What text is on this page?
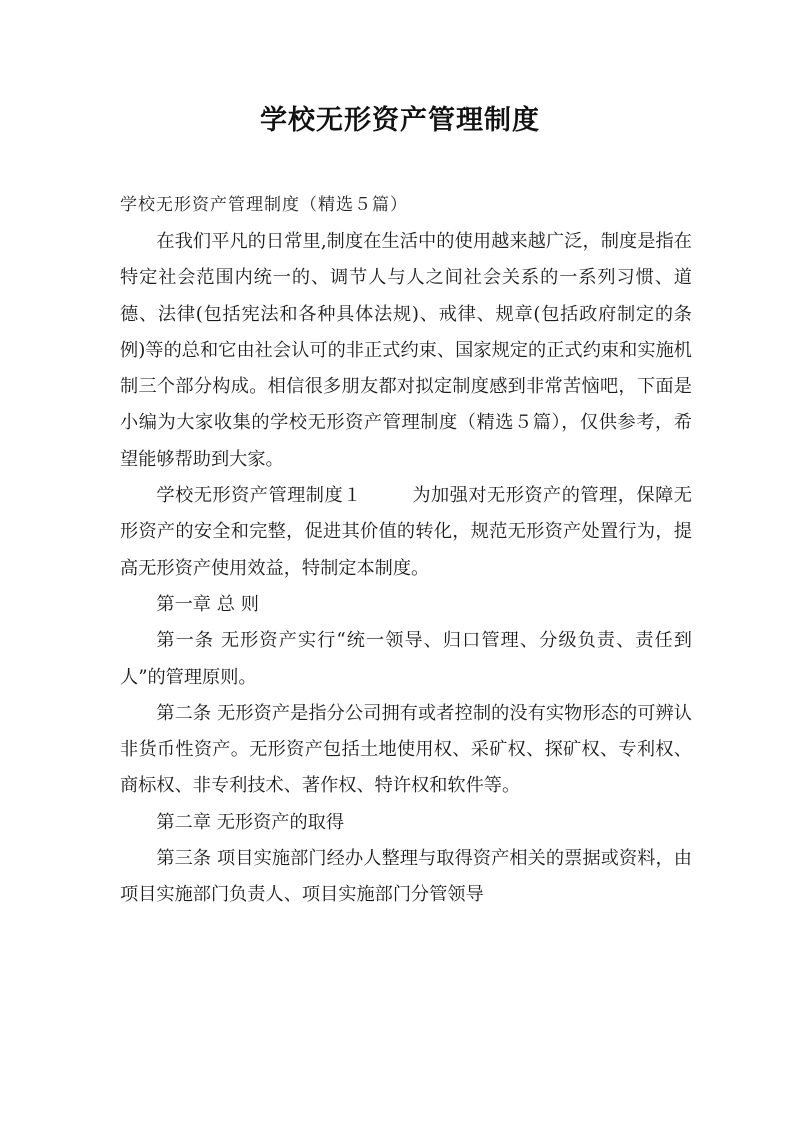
学校无形资产管理制度
学校无形资产管理制度（精选５篇）

在我们平凡的日常里,制度在生活中的使用越来越广泛，制度是指在特定社会范围内统一的、调节人与人之间社会关系的一系列习惯、道德、法律(包括宪法和各种具体法规)、戒律、规章(包括政府制定的条例)等的总和它由社会认可的非正式约束、国家规定的正式约束和实施机制三个部分构成。相信很多朋友都对拟定制度感到非常苦恼吧，下面是小编为大家收集的学校无形资产管理制度（精选５篇），仅供参考，希望能够帮助到大家。

学校无形资产管理制度１	为加强对无形资产的管理，保障无形资产的安全和完整，促进其价值的转化，规范无形资产处置行为，提高无形资产使用效益，特制定本制度。

第一章 总 则

第一条 无形资产实行“统一领导、归口管理、分级负责、责任到人”的管理原则。

第二条 无形资产是指分公司拥有或者控制的没有实物形态的可辨认非货币性资产。无形资产包括土地使用权、采矿权、探矿权、专利权、商标权、非专利技术、著作权、特许权和软件等。

第二章 无形资产的取得

第三条 项目实施部门经办人整理与取得资产相关的票据或资料，由项目实施部门负责人、项目实施部门分管领导
